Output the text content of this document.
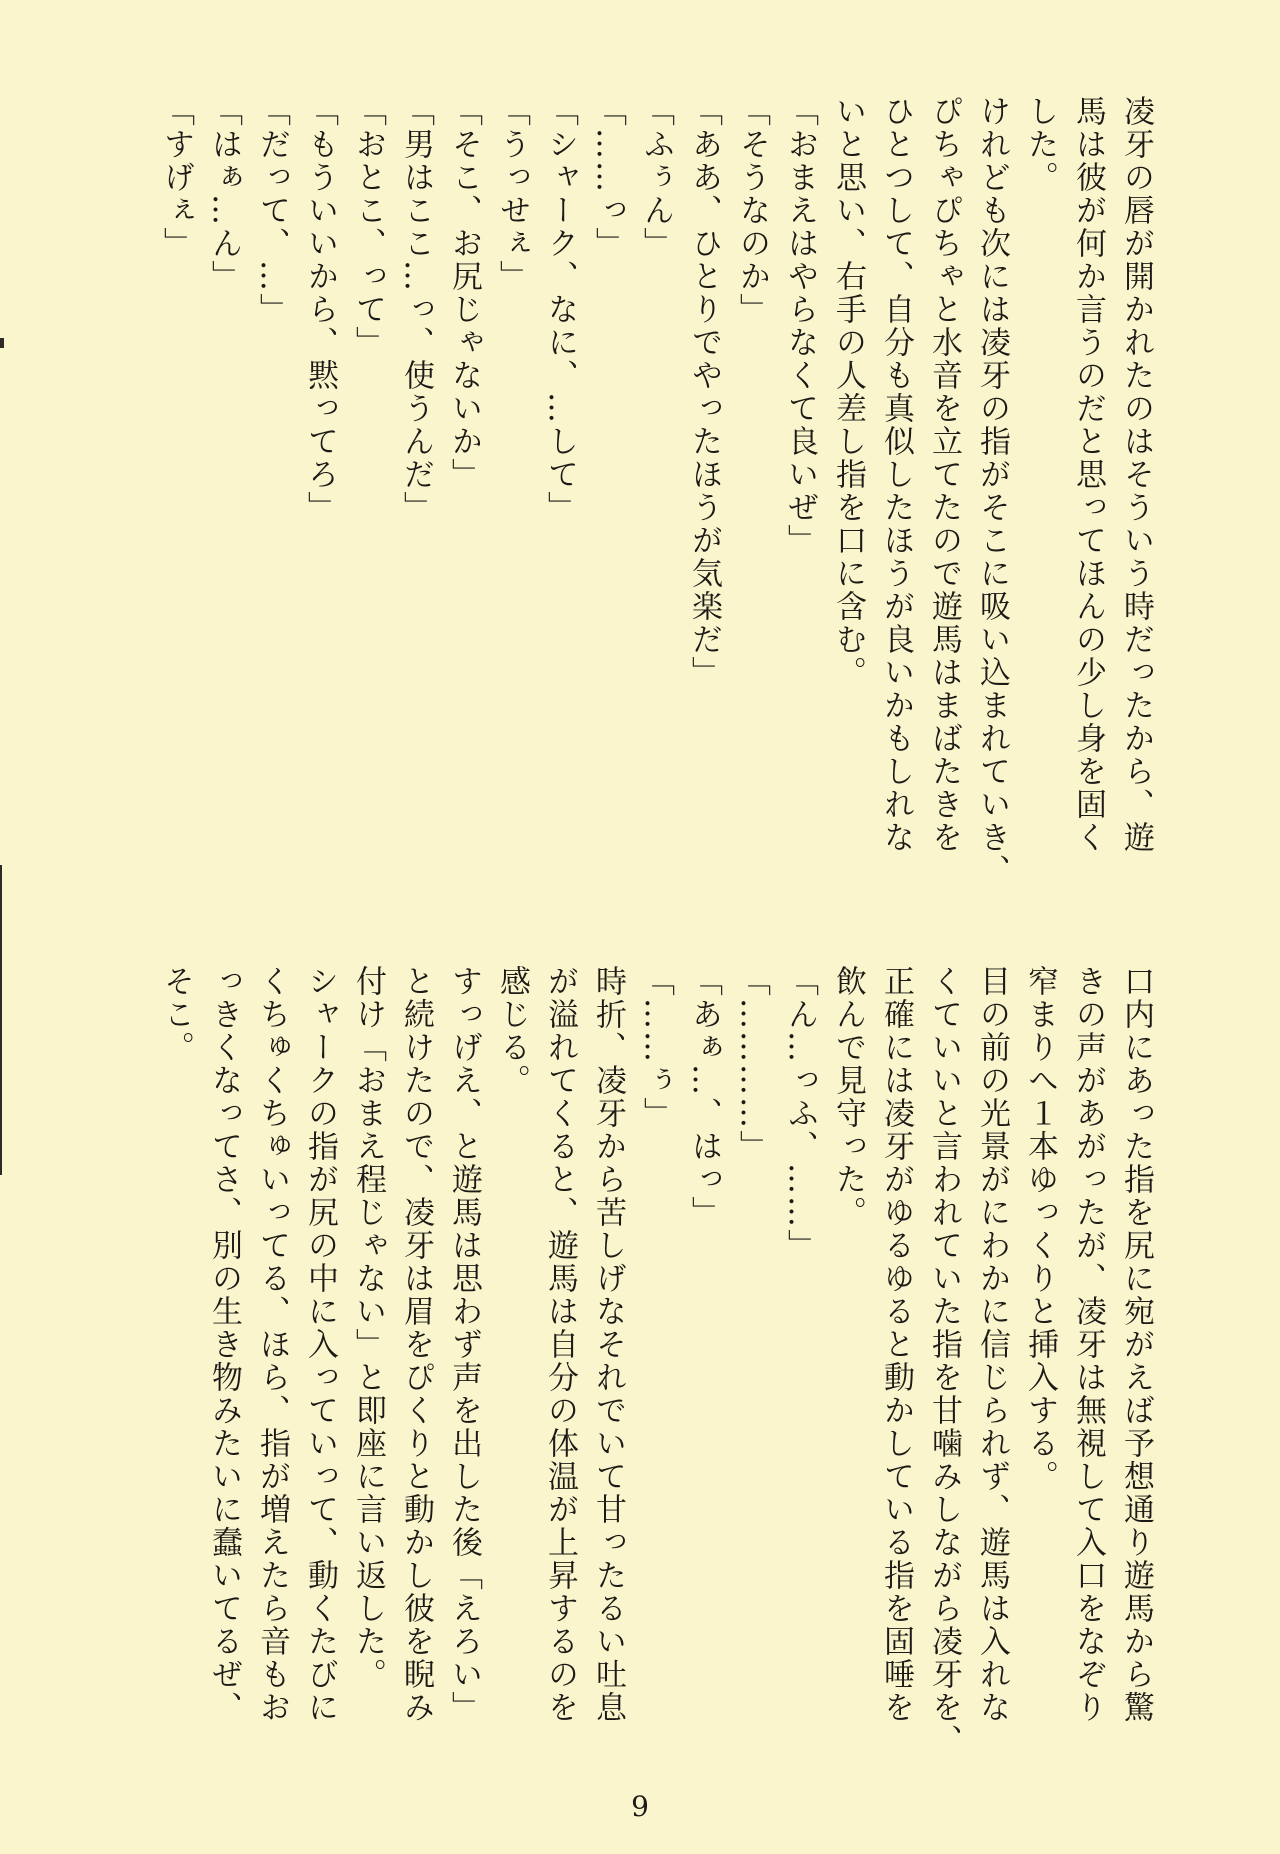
凌牙の唇が開かれたのはそういう時だったから、遊
馬は彼が何か言うのだと思ってほんの少し身を固く
した。
けれども次には凌牙の指がそこに吸い込まれていき、
ぴちゃぴちゃと水音を立てたので遊馬はまばたきを
ひとつして、自分も真似したほうが良いかもしれな
いと思い、右手の人差し指を口に含む。
「おまえはやらなくて良いぜ」
「そうなのか」
「ああ、ひとりでやったほうが気楽だ」
「ふぅん」
「……っ」
「シャーク、なに、…して」
「うっせぇ」
「そこ、お尻じゃないか」
「男はここ…っ、使うんだ」
「おとこ、って」
「もういいから、黙ってろ」
「だって、…」
「はぁ…ん」
「すげぇ」
口内にあった指を尻に宛がえば予想通り遊馬から驚
きの声があがったが、凌牙は無視して入口をなぞり
窄まりへ１本ゆっくりと挿入する。
目の前の光景がにわかに信じられず、遊馬は入れな
くていいと言われていた指を甘噛みしながら凌牙を、
正確には凌牙がゆるゆると動かしている指を固唾を
飲んで見守った。
「ん…っふ、……」
「…………」
「あぁ…、はっ」
「……ぅ」
時折、凌牙から苦しげなそれでいて甘ったるい吐息
が溢れてくると、遊馬は自分の体温が上昇するのを
感じる。
すっげえ、と遊馬は思わず声を出した後「えろい」
と続けたので、凌牙は眉をぴくりと動かし彼を睨み
付け「おまえ程じゃない」と即座に言い返した。
シャークの指が尻の中に入っていって、動くたびに
くちゅくちゅいってる、ほら、指が増えたら音もお
っきくなってさ、別の生き物みたいに蠢いてるぜ、
そこ。
9
